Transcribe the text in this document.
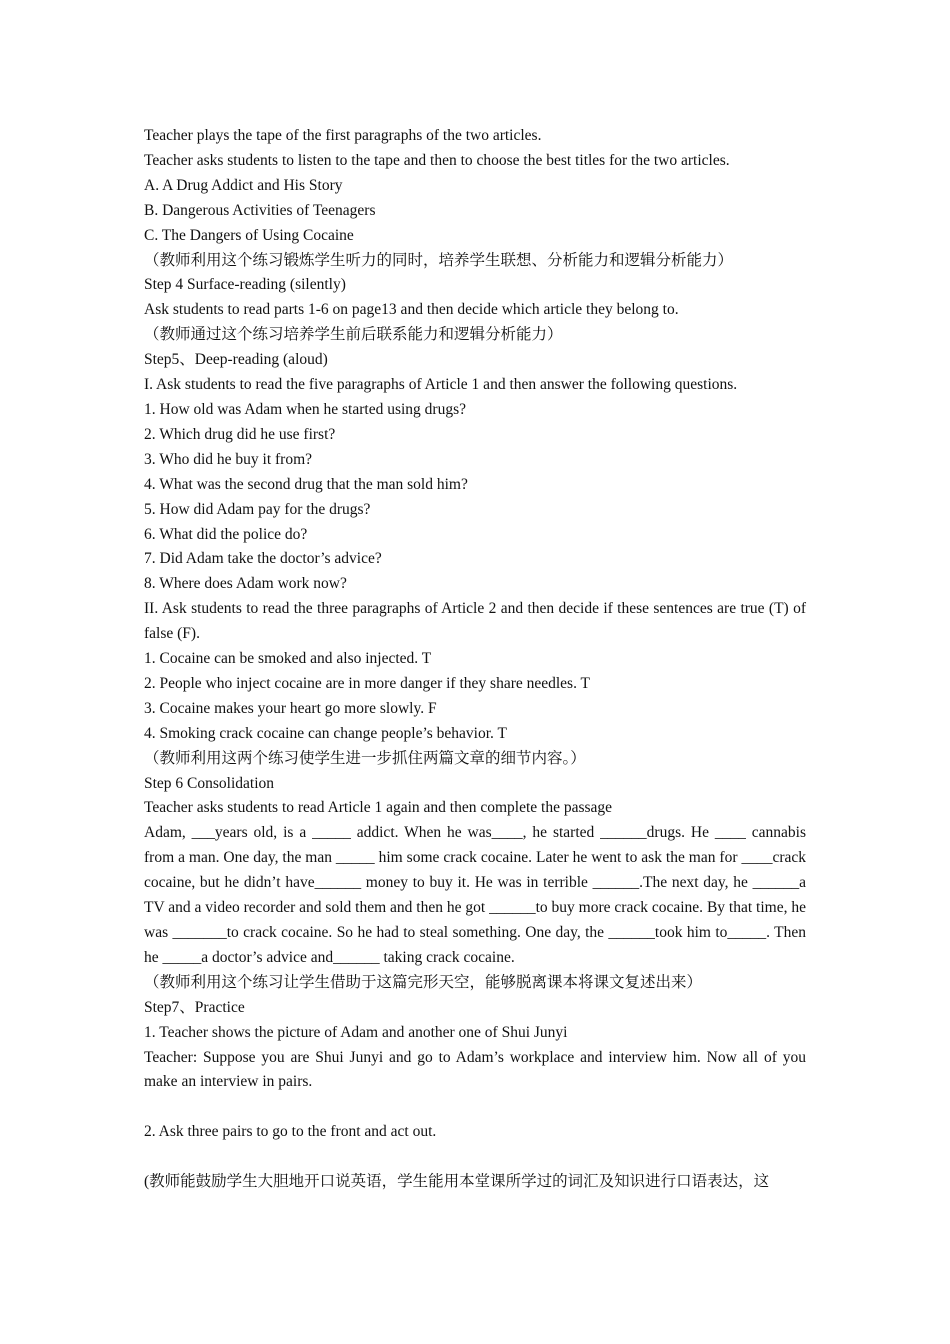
Teacher plays the tape of the first paragraphs of the two articles.

Teacher asks students to listen to the tape and then to choose the best titles for the two articles.

A. A Drug Addict and His Story

B. Dangerous Activities of Teenagers

C. The Dangers of Using Cocaine

（教师利用这个练习锻炼学生听力的同时，培养学生联想、分析能力和逻辑分析能力）

Step 4 Surface-reading (silently)

Ask students to read parts 1-6 on page13 and then decide which article they belong to.

（教师通过这个练习培养学生前后联系能力和逻辑分析能力）

Step5、Deep-reading (aloud)

I. Ask students to read the five paragraphs of Article 1 and then answer the following questions.

1. How old was Adam when he started using drugs?

2. Which drug did he use first?

3. Who did he buy it from?

4. What was the second drug that the man sold him?

5. How did Adam pay for the drugs?

6. What did the police do?

7. Did Adam take the doctor’s advice?

8. Where does Adam work now?

II. Ask students to read the three paragraphs of Article 2 and then decide if these sentences are true (T) of false (F).

1. Cocaine can be smoked and also injected. T

2. People who inject cocaine are in more danger if they share needles. T

3. Cocaine makes your heart go more slowly. F

4. Smoking crack cocaine can change people’s behavior. T

（教师利用这两个练习使学生进一步抓住两篇文章的细节内容。）

Step 6 Consolidation

Teacher asks students to read Article 1 again and then complete the passage

Adam, ___years old, is a _____ addict. When he was____, he started ______drugs. He ____ cannabis from a man. One day, the man _____ him some crack cocaine. Later he went to ask the man for ____crack cocaine, but he didn’t have______ money to buy it. He was in terrible ______.The next day, he ______a TV and a video recorder and sold them and then he got ______to buy more crack cocaine. By that time, he was _______to crack cocaine. So he had to steal something. One day, the ______took him to_____. Then he _____a doctor’s advice and______ taking crack cocaine.

（教师利用这个练习让学生借助于这篇完形天空，能够脱离课本将课文复述出来）

Step7、Practice

1. Teacher shows the picture of Adam and another one of Shui Junyi

Teacher: Suppose you are Shui Junyi and go to Adam’s workplace and interview him. Now all of you make an interview in pairs.

2. Ask three pairs to go to the front and act out.

(教师能鼓励学生大胆地开口说英语，学生能用本堂课所学过的词汇及知识进行口语表达，这
